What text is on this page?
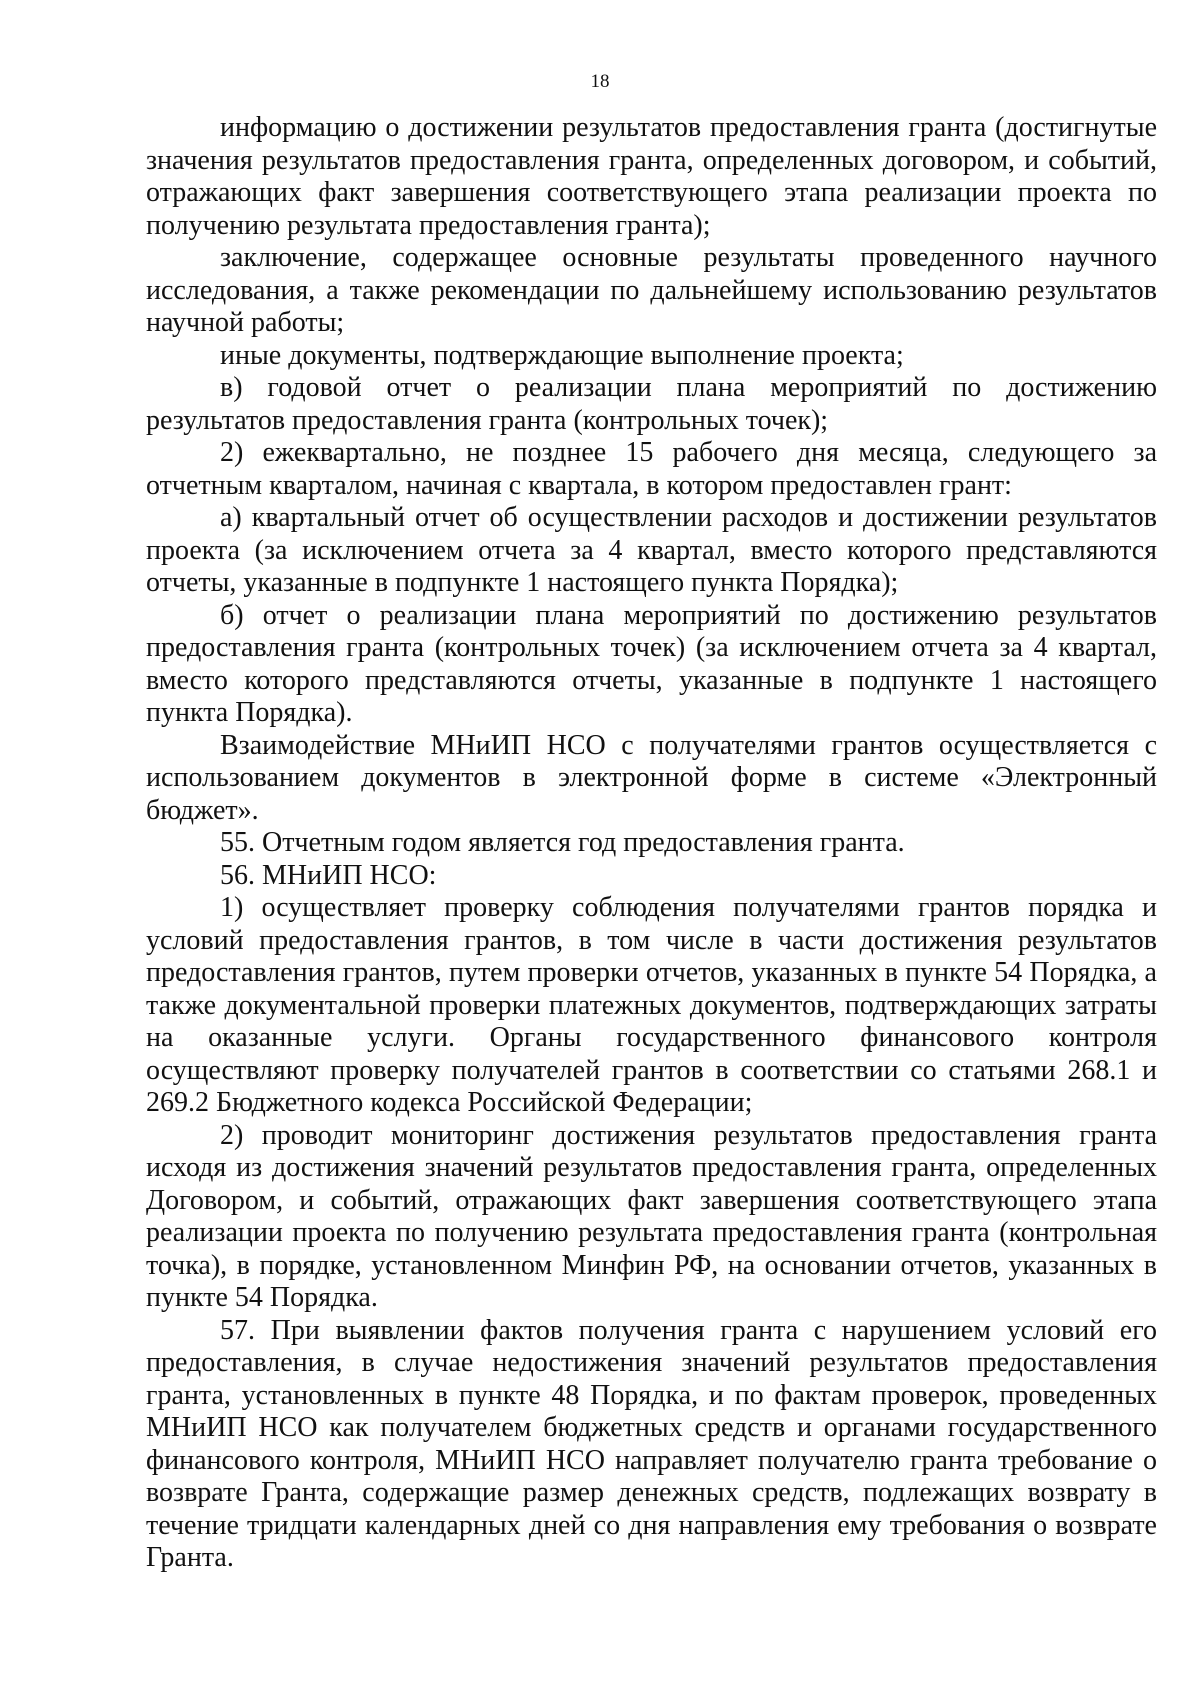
18

информацию о достижении результатов предоставления гранта (достигнутые значения результатов предоставления гранта, определенных договором, и событий, отражающих факт завершения соответствующего этапа реализации проекта по получению результата предоставления гранта);

заключение, содержащее основные результаты проведенного научного исследования, а также рекомендации по дальнейшему использованию результатов научной работы;

иные документы, подтверждающие выполнение проекта;

в) годовой отчет о реализации плана мероприятий по достижению результатов предоставления гранта (контрольных точек);

2) ежеквартально, не позднее 15 рабочего дня месяца, следующего за отчетным кварталом, начиная с квартала, в котором предоставлен грант:

а) квартальный отчет об осуществлении расходов и достижении результатов проекта (за исключением отчета за 4 квартал, вместо которого представляются отчеты, указанные в подпункте 1 настоящего пункта Порядка);

б) отчет о реализации плана мероприятий по достижению результатов предоставления гранта (контрольных точек) (за исключением отчета за 4 квартал, вместо которого представляются отчеты, указанные в подпункте 1 настоящего пункта Порядка).

Взаимодействие МНиИП НСО с получателями грантов осуществляется с использованием документов в электронной форме в системе «Электронный бюджет».

55. Отчетным годом является год предоставления гранта.

56. МНиИП НСО:

1) осуществляет проверку соблюдения получателями грантов порядка и условий предоставления грантов, в том числе в части достижения результатов предоставления грантов, путем проверки отчетов, указанных в пункте 54 Порядка, а также документальной проверки платежных документов, подтверждающих затраты на оказанные услуги. Органы государственного финансового контроля осуществляют проверку получателей грантов в соответствии со статьями 268.1 и 269.2 Бюджетного кодекса Российской Федерации;

2) проводит мониторинг достижения результатов предоставления гранта исходя из достижения значений результатов предоставления гранта, определенных Договором, и событий, отражающих факт завершения соответствующего этапа реализации проекта по получению результата предоставления гранта (контрольная точка), в порядке, установленном Минфин РФ, на основании отчетов, указанных в пункте 54 Порядка.

57. При выявлении фактов получения гранта с нарушением условий его предоставления, в случае недостижения значений результатов предоставления гранта, установленных в пункте 48 Порядка, и по фактам проверок, проведенных МНиИП НСО как получателем бюджетных средств и органами государственного финансового контроля, МНиИП НСО направляет получателю гранта требование о возврате Гранта, содержащие размер денежных средств, подлежащих возврату в течение тридцати календарных дней со дня направления ему требования о возврате Гранта.
